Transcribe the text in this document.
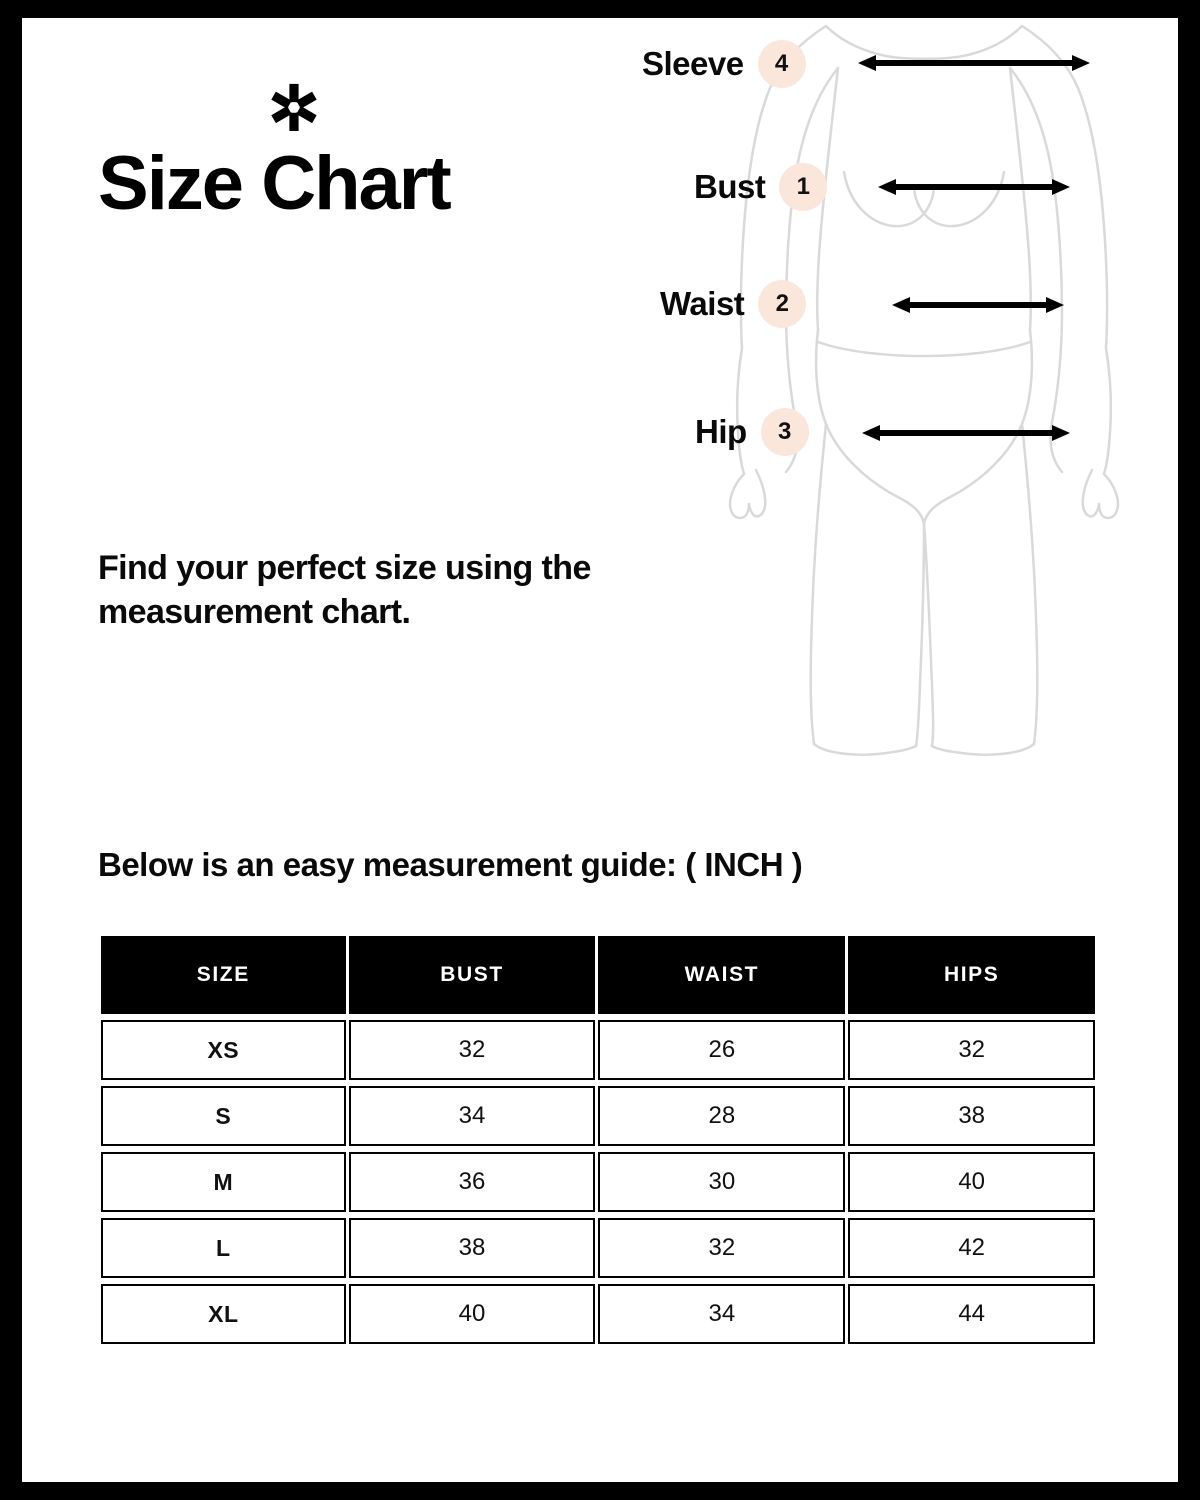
Sleeve	4
Bust	1
Waist	2
Hip	3
✲
Size Chart
Find your perfect size using the measurement chart.
Below is an easy measurement guide: ( INCH )
SIZE	BUST	WAIST	HIPS
XS	32	26	32
S	34	28	38
M	36	30	40
L	38	32	42
XL	40	34	44
